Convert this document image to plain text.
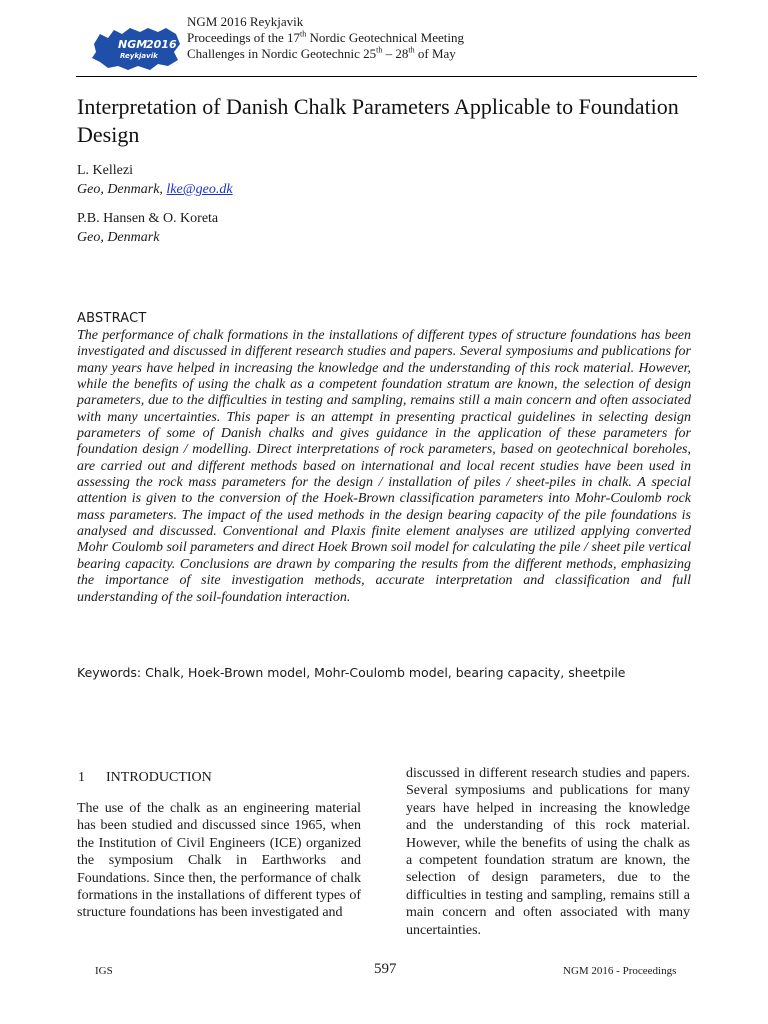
NGM
2016
Reykjavik
NGM 2016 Reykjavik
Proceedings of the 17th Nordic Geotechnical Meeting
Challenges in Nordic Geotechnic 25th – 28th of May
Interpretation of Danish Chalk Parameters Applicable to Foundation Design
L. Kellezi
Geo, Denmark, lke@geo.dk
P.B. Hansen & O. Koreta
Geo, Denmark
ABSTRACT
The performance of chalk formations in the installations of different types of structure foundations has been investigated and discussed in different research studies and papers. Several symposiums and publications for many years have helped in increasing the knowledge and the understanding of this rock material. However, while the benefits of using the chalk as a competent foundation stratum are known, the selection of design parameters, due to the difficulties in testing and sampling, remains still a main concern and often associated with many uncertainties. This paper is an attempt in presenting practical guidelines in selecting design parameters of some of Danish chalks and gives guidance in the application of these parameters for foundation design / modelling. Direct interpretations of rock parameters, based on geotechnical boreholes, are carried out and different methods based on international and local recent studies have been used in assessing the rock mass parameters for the design / installation of piles / sheet-piles in chalk. A special attention is given to the conversion of the Hoek-Brown classification parameters into Mohr-Coulomb rock mass parameters. The impact of the used methods in the design bearing capacity of the pile foundations is analysed and discussed. Conventional and Plaxis finite element analyses are utilized applying converted Mohr Coulomb soil parameters and direct Hoek Brown soil model for calculating the pile / sheet pile vertical bearing capacity. Conclusions are drawn by comparing the results from the different methods, emphasizing the importance of site investigation methods, accurate interpretation and classification and full understanding of the soil-foundation interaction.
Keywords: Chalk, Hoek-Brown model, Mohr-Coulomb model, bearing capacity, sheetpile
1 INTRODUCTION
The use of the chalk as an engineering material has been studied and discussed since 1965, when the Institution of Civil Engineers (ICE) organized the symposium Chalk in Earthworks and Foundations. Since then, the performance of chalk formations in the installations of different types of structure foundations has been investigated and
discussed in different research studies and papers. Several symposiums and publications for many years have helped in increasing the knowledge and the understanding of this rock material. However, while the benefits of using the chalk as a competent foundation stratum are known, the selection of design parameters, due to the difficulties in testing and sampling, remains still a main concern and often associated with many uncertainties.
IGS	597	NGM 2016 - Proceedings
